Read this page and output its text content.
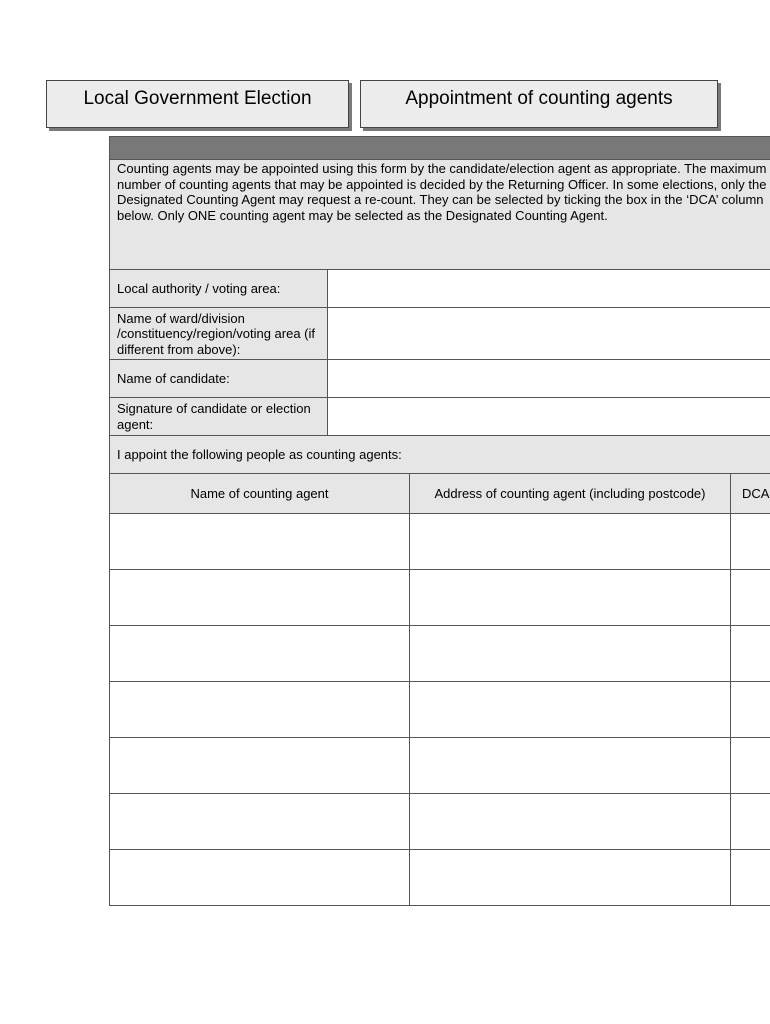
Local Government Election	Appointment of counting agents
Counting agents may be appointed using this form by the candidate/election agent as appropriate. The maximum number of counting agents that may be appointed is decided by the Returning Officer. In some elections, only the Designated Counting Agent may request a re-count. They can be selected by ticking the box in the ‘DCA’ column below. Only ONE counting agent may be selected as the Designated Counting Agent.
Local authority / voting area:
Name of ward/division /constituency/region/voting area (if different from above):
Name of candidate:
Signature of candidate or election agent:
I appoint the following people as counting agents:
Name of counting agent	Address of counting agent (including postcode)	DCA
